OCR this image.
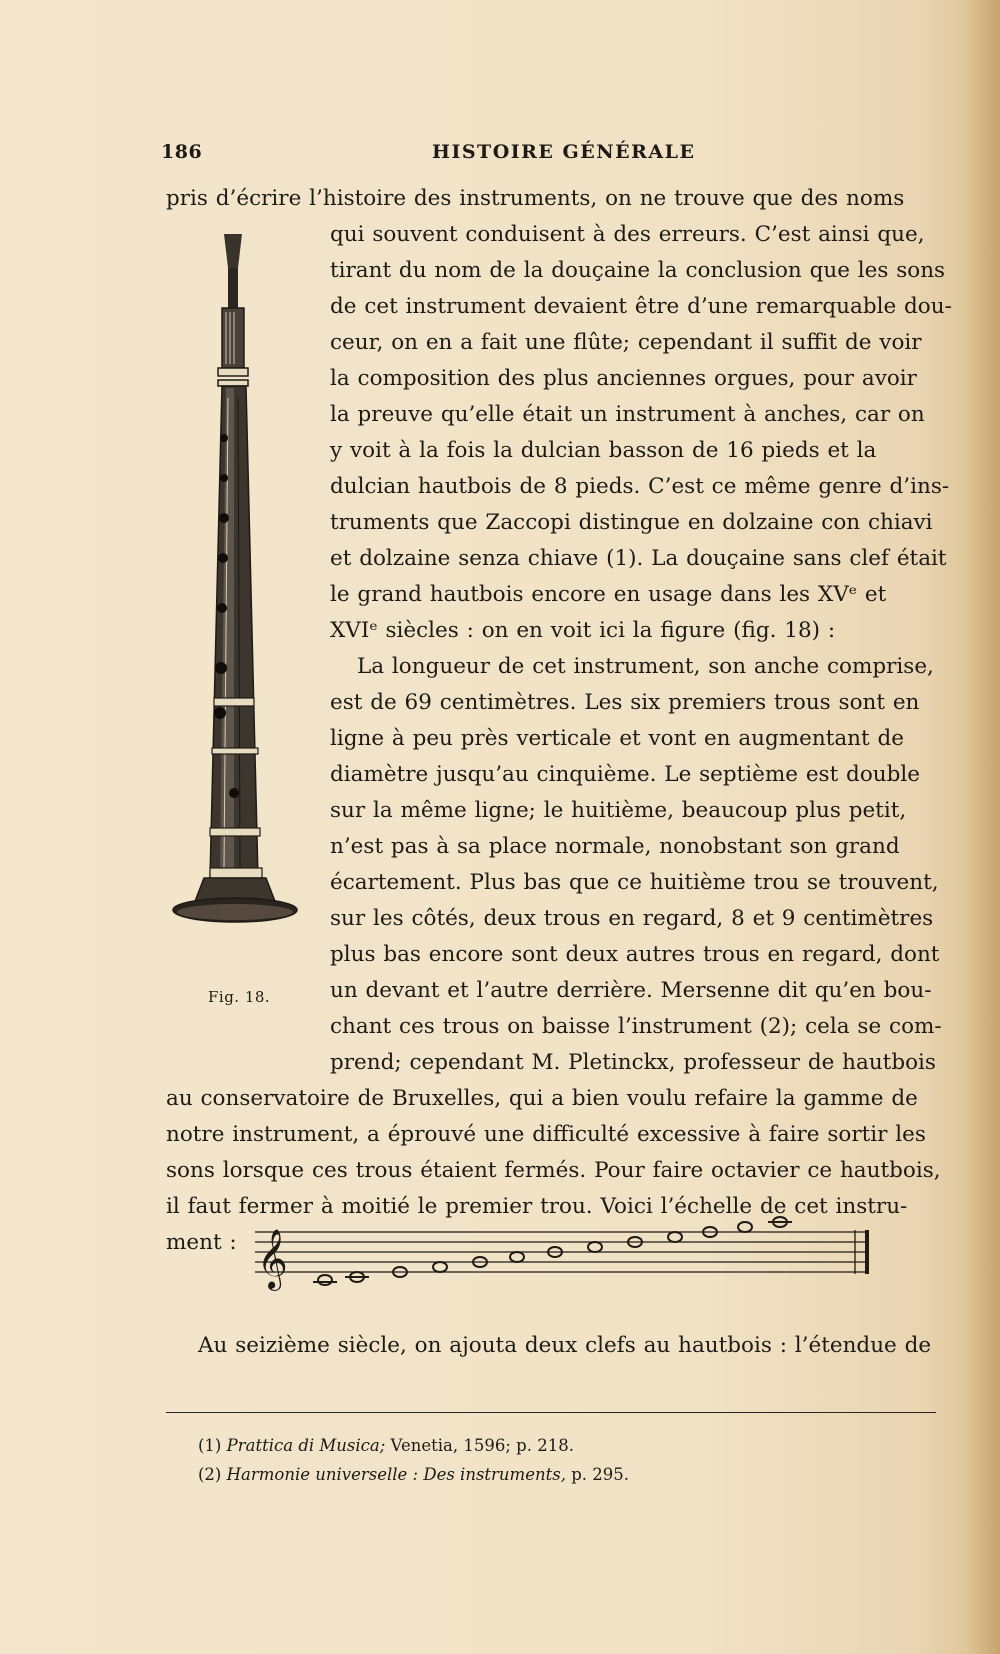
186	HISTOIRE GÉNÉRALE
pris d’écrire l’histoire des instruments, on ne trouve que des noms
qui souvent conduisent à des erreurs. C’est ainsi que,
tirant du nom de la douçaine la conclusion que les sons
de cet instrument devaient être d’une remarquable dou-
ceur, on en a fait une flûte; cependant il suffit de voir
la composition des plus anciennes orgues, pour avoir
la preuve qu’elle était un instrument à anches, car on
y voit à la fois la dulcian basson de 16 pieds et la
dulcian hautbois de 8 pieds. C’est ce même genre d’ins-
truments que Zaccopi distingue en dolzaine con chiavi
et dolzaine senza chiave (1). La douçaine sans clef était
le grand hautbois encore en usage dans les XVᵉ et
XVIᵉ siècles : on en voit ici la figure (fig. 18) :
La longueur de cet instrument, son anche comprise,
est de 69 centimètres. Les six premiers trous sont en
ligne à peu près verticale et vont en augmentant de
diamètre jusqu’au cinquième. Le septième est double
sur la même ligne; le huitième, beaucoup plus petit,
n’est pas à sa place normale, nonobstant son grand
écartement. Plus bas que ce huitième trou se trouvent,
sur les côtés, deux trous en regard, 8 et 9 centimètres
plus bas encore sont deux autres trous en regard, dont
un devant et l’autre derrière. Mersenne dit qu’en bou-
chant ces trous on baisse l’instrument (2); cela se com-
prend; cependant M. Pletinckx, professeur de hautbois
au conservatoire de Bruxelles, qui a bien voulu refaire la gamme de
notre instrument, a éprouvé une difficulté excessive à faire sortir les
sons lorsque ces trous étaient fermés. Pour faire octavier ce hautbois,
il faut fermer à moitié le premier trou. Voici l’échelle de cet instru-
Fig. 18.
𝄞
(1) Prattica di Musica; Venetia, 1596; p. 218.
(2) Harmonie universelle : Des instruments, p. 295.
ment :
Au seizième siècle, on ajouta deux clefs au hautbois : l’étendue de
